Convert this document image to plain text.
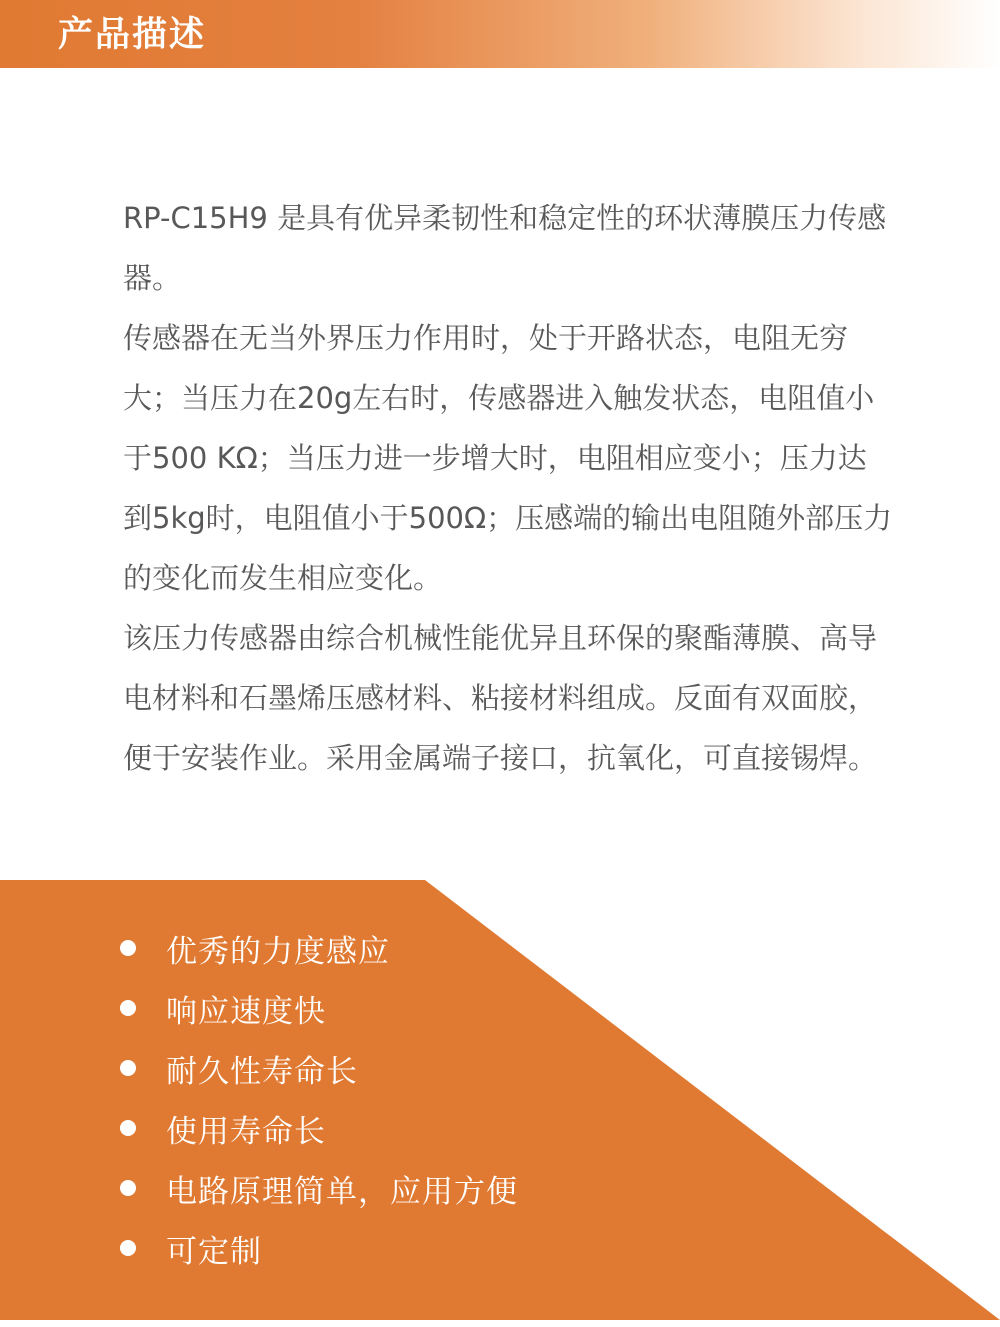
产品描述

RP-C15H9 是具有优异柔韧性和稳定性的环状薄膜压力传感器。

传感器在无当外界压力作用时，处于开路状态，电阻无穷大；当压力在20g左右时，传感器进入触发状态，电阻值小于500 KΩ；当压力进一步增大时，电阻相应变小；压力达到5kg时，电阻值小于500Ω；压感端的输出电阻随外部压力的变化而发生相应变化。

该压力传感器由综合机械性能优异且环保的聚酯薄膜、高导电材料和石墨烯压感材料、粘接材料组成。反面有双面胶，便于安装作业。采用金属端子接口，抗氧化，可直接锡焊。

优秀的力度感应
响应速度快
耐久性寿命长
使用寿命长
电路原理简单，应用方便
可定制
